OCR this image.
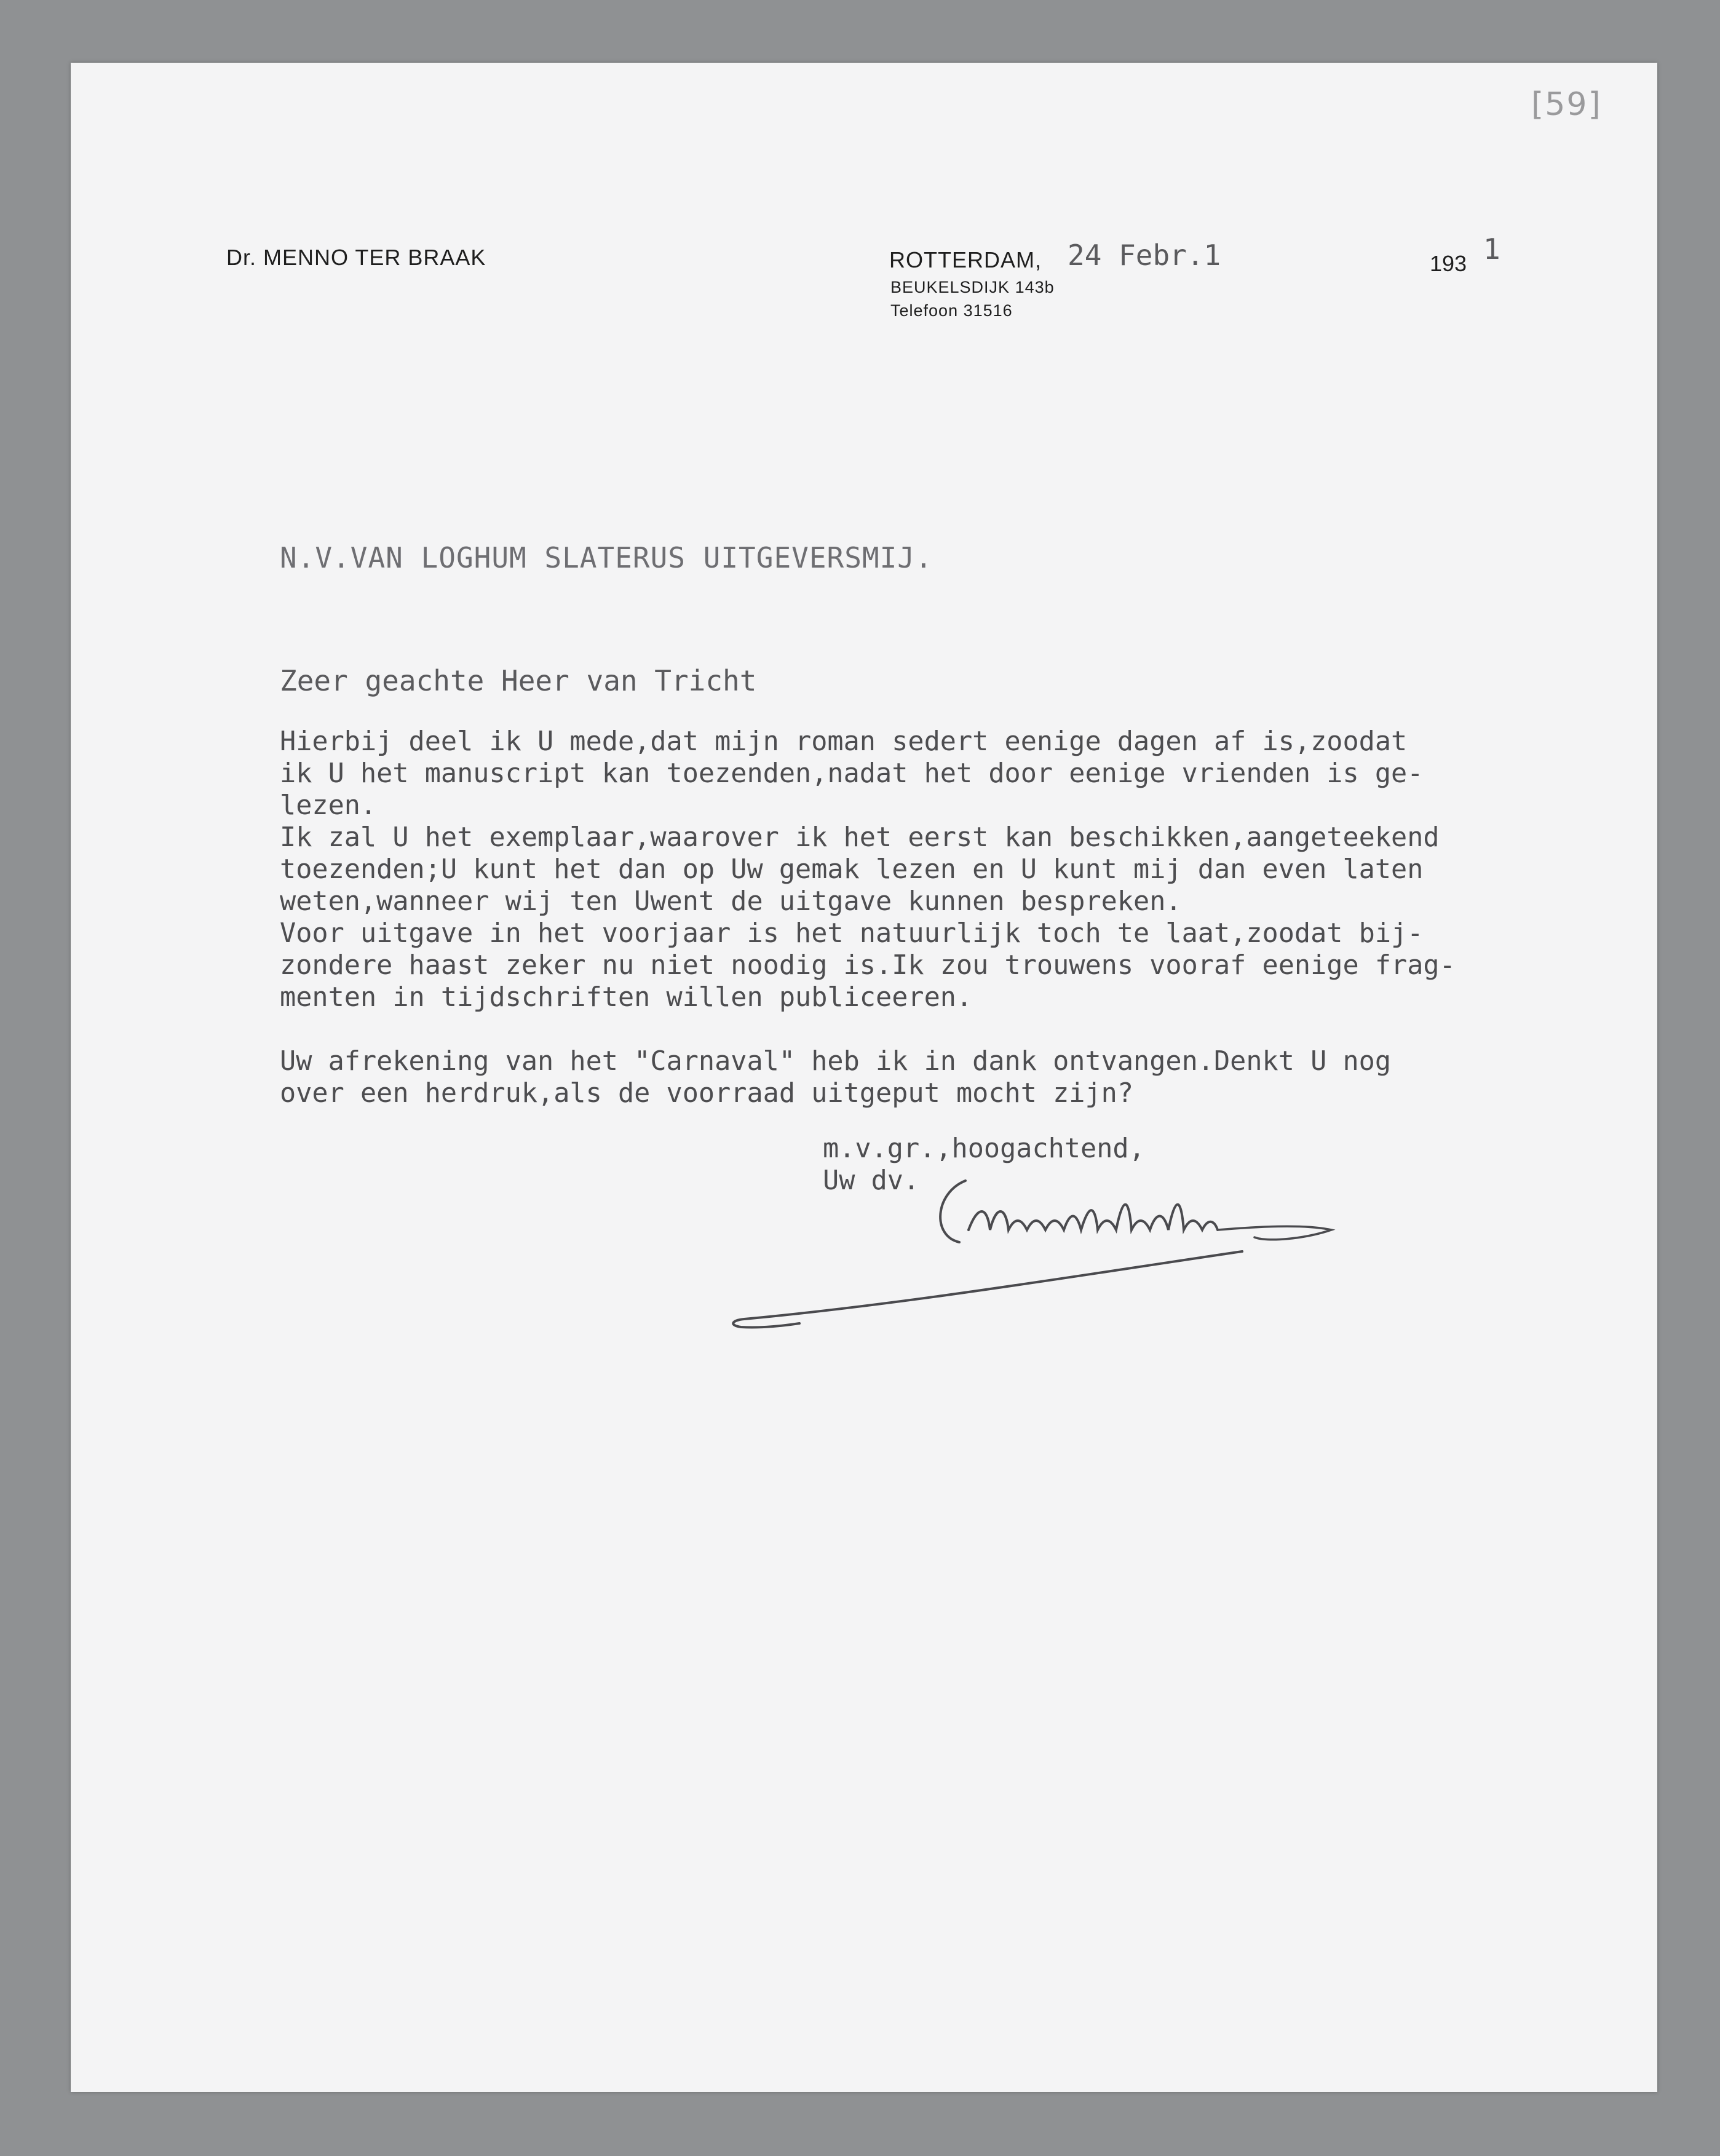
[59]
Dr. MENNO TER BRAAK	ROTTERDAM,
BEUKELSDIJK 143b
Telefoon 31516
193
24 Febr.1	1
N.V.VAN LOGHUM SLATERUS UITGEVERSMIJ.
Zeer geachte Heer van Tricht
Hierbij deel ik U mede,dat mijn roman sedert eenige dagen af is,zoodat
ik U het manuscript kan toezenden,nadat het door eenige vrienden is ge-
lezen.
Ik zal U het exemplaar,waarover ik het eerst kan beschikken,aangeteekend
toezenden;U kunt het dan op Uw gemak lezen en U kunt mij dan even laten
weten,wanneer wij ten Uwent de uitgave kunnen bespreken.
Voor uitgave in het voorjaar is het natuurlijk toch te laat,zoodat bij-
zondere haast zeker nu niet noodig is.Ik zou trouwens vooraf eenige frag-
menten in tijdschriften willen publiceeren.
Uw afrekening van het "Carnaval" heb ik in dank ontvangen.Denkt U nog
over een herdruk,als de voorraad uitgeput mocht zijn?
m.v.gr.,hoogachtend,
Uw dv.
